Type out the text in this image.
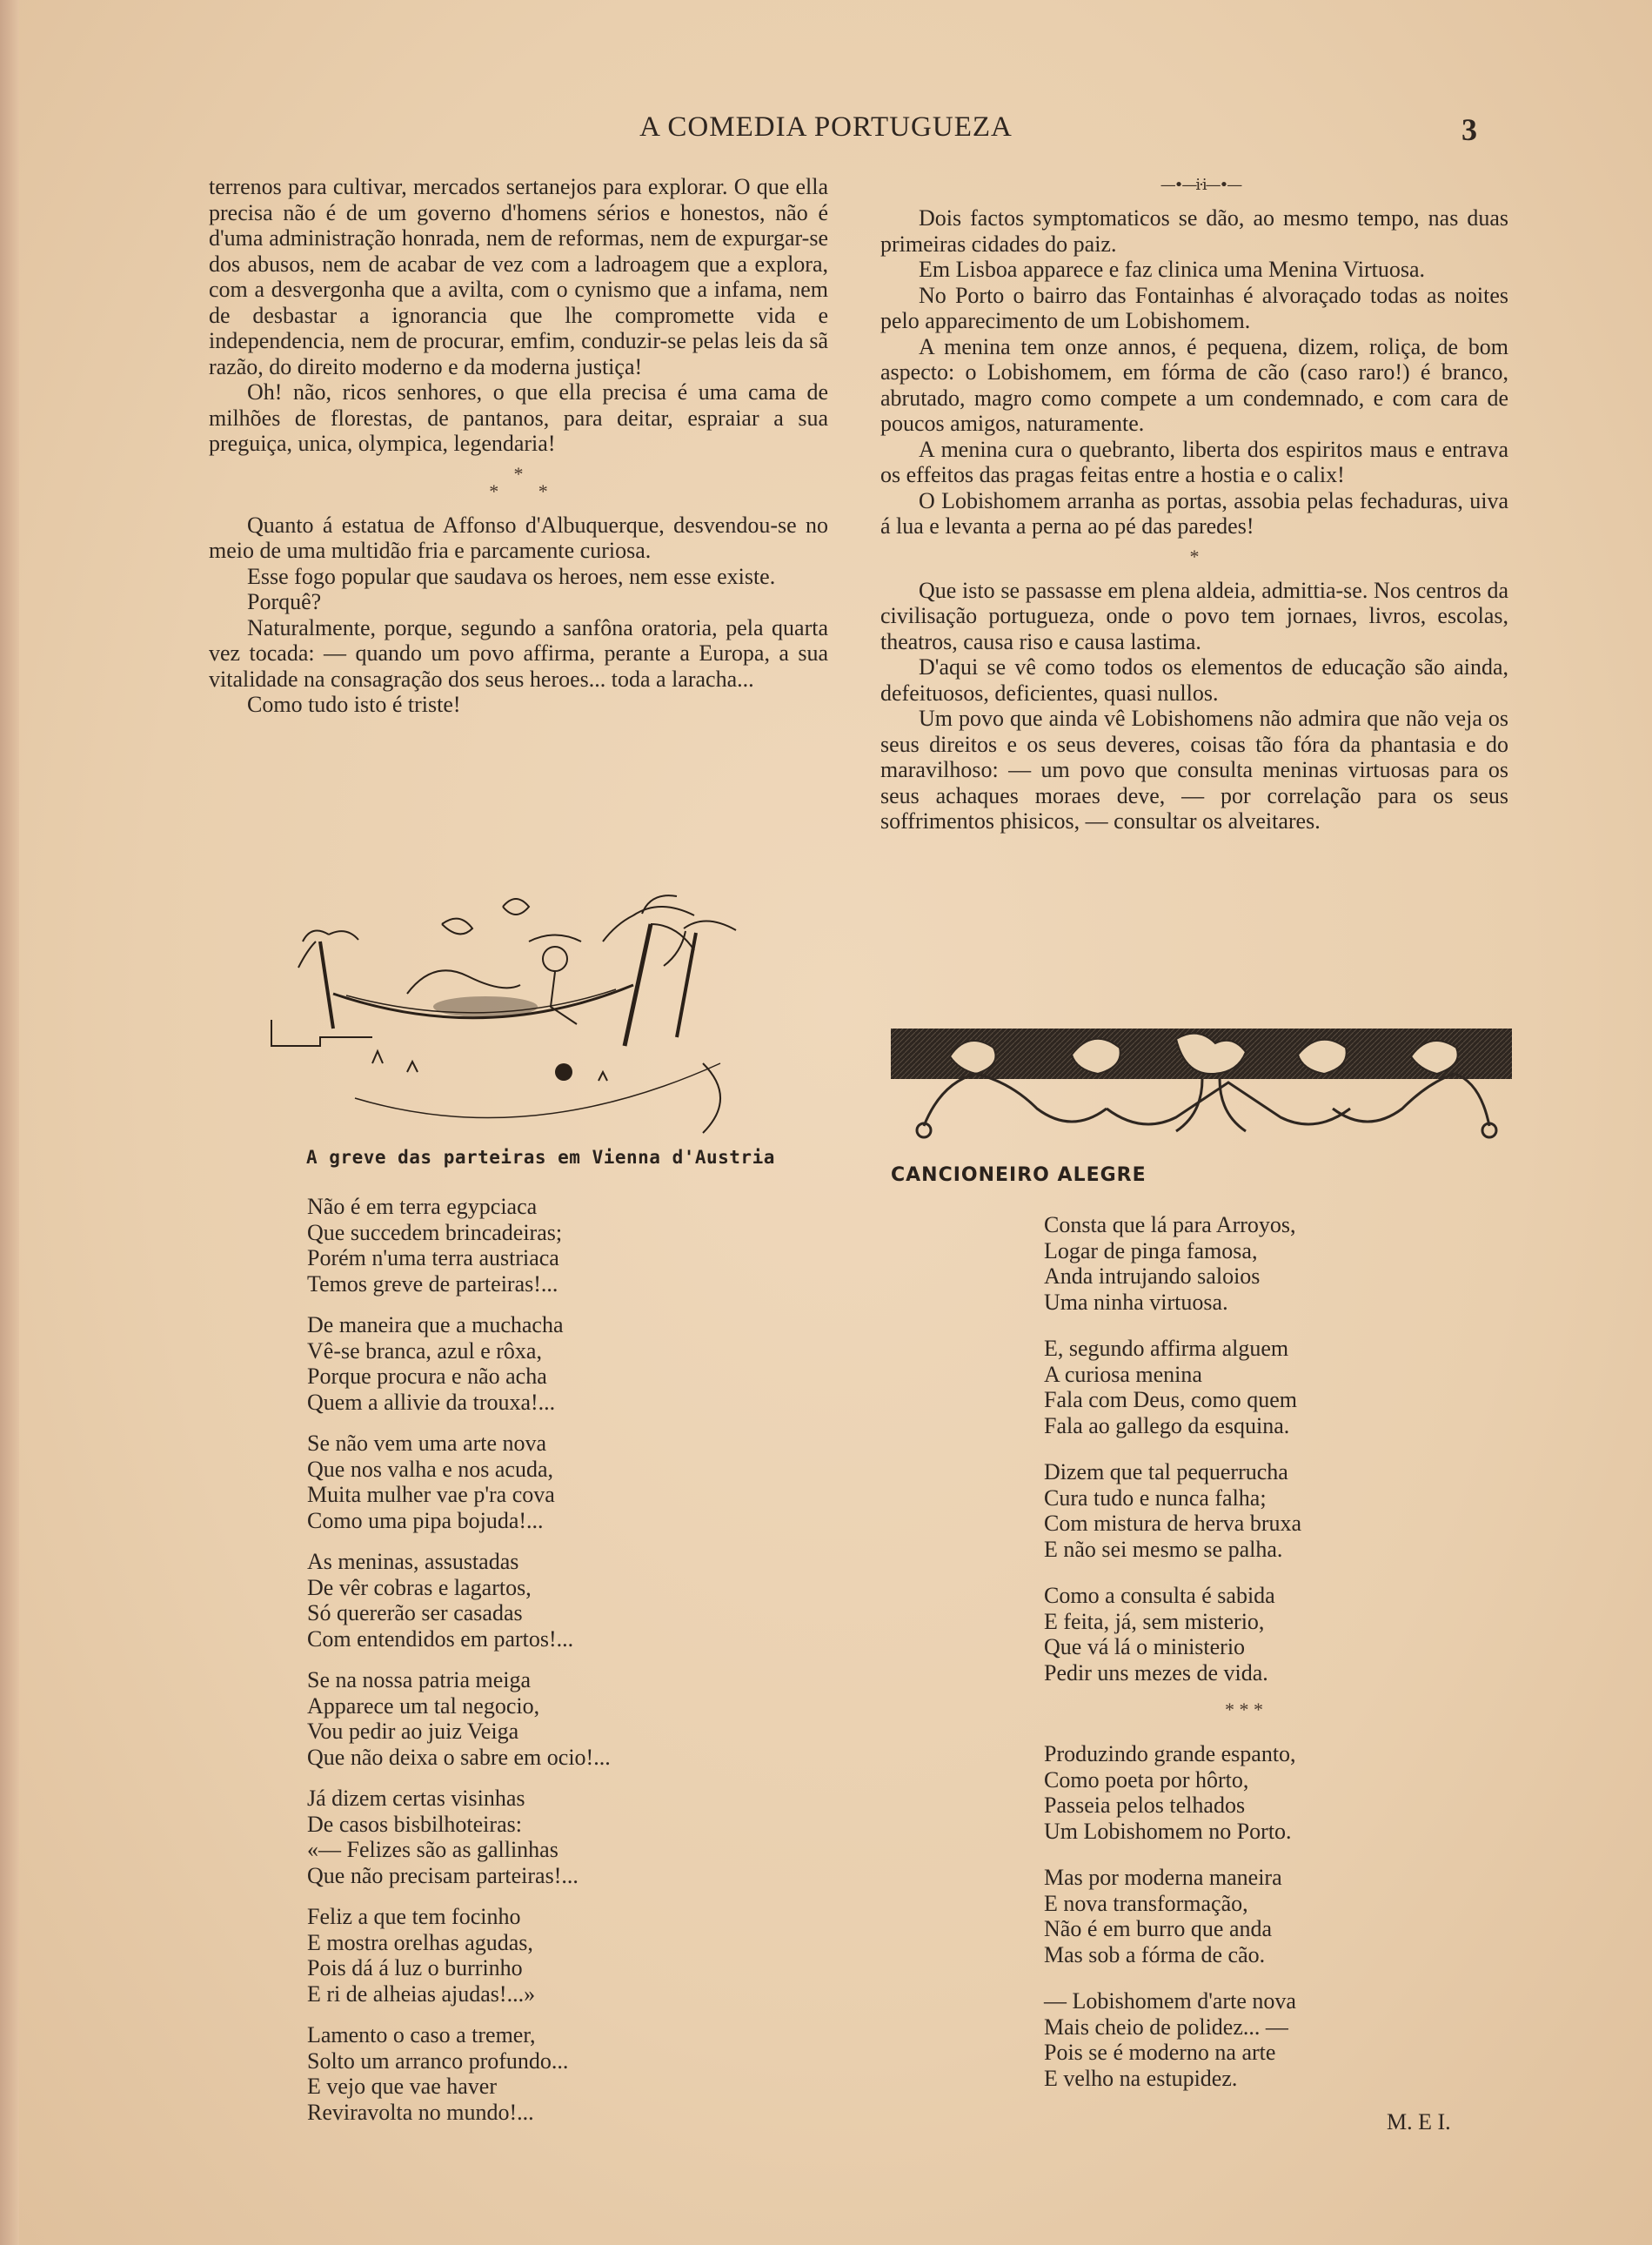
A COMEDIA PORTUGUEZA	3

terrenos para cultivar, mercados sertanejos para explorar. O que ella precisa não é de um governo d'homens sérios e honestos, não é d'uma administração honrada, nem de reformas, nem de expurgar-se dos abusos, nem de acabar de vez com a ladroagem que a explora, com a desvergonha que a avilta, com o cynismo que a infama, nem de desbastar a ignorancia que lhe compromette vida e independencia, nem de procurar, emfim, conduzir-se pelas leis da sã razão, do direito moderno e da moderna justiça!

Oh! não, ricos senhores, o que ella precisa é uma cama de milhões de florestas, de pantanos, para deitar, espraiar a sua preguiça, unica, olympica, legendaria!

*
* *

Quanto á estatua de Affonso d'Albuquerque, desvendou-se no meio de uma multidão fria e parcamente curiosa.

Esse fogo popular que saudava os heroes, nem esse existe.

Porquê?

Naturalmente, porque, segundo a sanfôna oratoria, pela quarta vez tocada: — quando um povo affirma, perante a Europa, a sua vitalidade na consagração dos seus heroes... toda a laracha...

Como tudo isto é triste!

A greve das parteiras em Vienna d'Austria
Não é em terra egypciaca
Que succedem brincadeiras;
Porém n'uma terra austriaca
Temos greve de parteiras!...
De maneira que a muchacha
Vê-se branca, azul e rôxa,
Porque procura e não acha
Quem a allivie da trouxa!...
Se não vem uma arte nova
Que nos valha e nos acuda,
Muita mulher vae p'ra cova
Como uma pipa bojuda!...
As meninas, assustadas
De vêr cobras e lagartos,
Só quererão ser casadas
Com entendidos em partos!...
Se na nossa patria meiga
Apparece um tal negocio,
Vou pedir ao juiz Veiga
Que não deixa o sabre em ocio!...
Já dizem certas visinhas
De casos bisbilhoteiras:
«— Felizes são as gallinhas
Que não precisam parteiras!...
Feliz a que tem focinho
E mostra orelhas agudas,
Pois dá á luz o burrinho
E ri de alheias ajudas!...»
Lamento o caso a tremer,
Solto um arranco profundo...
E vejo que vae haver
Reviravolta no mundo!...
—•—i·i—•—

Dois factos symptomaticos se dão, ao mesmo tempo, nas duas primeiras cidades do paiz.

Em Lisboa apparece e faz clinica uma Menina Virtuosa.

No Porto o bairro das Fontainhas é alvoraçado todas as noites pelo apparecimento de um Lobishomem.

A menina tem onze annos, é pequena, dizem, roliça, de bom aspecto: o Lobishomem, em fórma de cão (caso raro!) é branco, abrutado, magro como compete a um condemnado, e com cara de poucos amigos, naturamente.

A menina cura o quebranto, liberta dos espiritos maus e entrava os effeitos das pragas feitas entre a hostia e o calix!

O Lobishomem arranha as portas, assobia pelas fechaduras, uiva á lua e levanta a perna ao pé das paredes!

*

Que isto se passasse em plena aldeia, admittia-se. Nos centros da civilisação portugueza, onde o povo tem jornaes, livros, escolas, theatros, causa riso e causa lastima.

D'aqui se vê como todos os elementos de educação são ainda, defeituosos, deficientes, quasi nullos.

Um povo que ainda vê Lobishomens não admira que não veja os seus direitos e os seus deveres, coisas tão fóra da phantasia e do maravilhoso: — um povo que consulta meninas virtuosas para os seus achaques moraes deve, — por correlação para os seus soffrimentos phisicos, — consultar os alveitares.

CANCIONEIRO ALEGRE
Consta que lá para Arroyos,
Logar de pinga famosa,
Anda intrujando saloios
Uma ninha virtuosa.
E, segundo affirma alguem
A curiosa menina
Fala com Deus, como quem
Fala ao gallego da esquina.
Dizem que tal pequerrucha
Cura tudo e nunca falha;
Com mistura de herva bruxa
E não sei mesmo se palha.
Como a consulta é sabida
E feita, já, sem misterio,
Que vá lá o ministerio
Pedir uns mezes de vida.
* * *
Produzindo grande espanto,
Como poeta por hôrto,
Passeia pelos telhados
Um Lobishomem no Porto.
Mas por moderna maneira
E nova transformação,
Não é em burro que anda
Mas sob a fórma de cão.
— Lobishomem d'arte nova
Mais cheio de polidez... —
Pois se é moderno na arte
E velho na estupidez.
M. E I.
